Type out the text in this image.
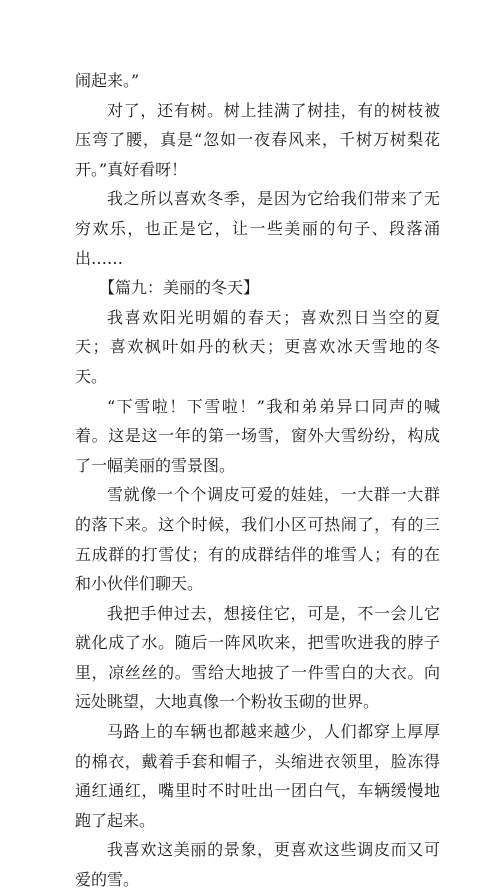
闹起来。”

对了，还有树。树上挂满了树挂，有的树枝被压弯了腰，真是“忽如一夜春风来，千树万树梨花开。”真好看呀！

我之所以喜欢冬季，是因为它给我们带来了无穷欢乐，也正是它，让一些美丽的句子、段落涌出……

【篇九：美丽的冬天】

我喜欢阳光明媚的春天；喜欢烈日当空的夏天；喜欢枫叶如丹的秋天；更喜欢冰天雪地的冬天。

“下雪啦！下雪啦！”我和弟弟异口同声的喊着。这是这一年的第一场雪，窗外大雪纷纷，构成了一幅美丽的雪景图。

雪就像一个个调皮可爱的娃娃，一大群一大群的落下来。这个时候，我们小区可热闹了，有的三五成群的打雪仗；有的成群结伴的堆雪人；有的在和小伙伴们聊天。

我把手伸过去，想接住它，可是，不一会儿它就化成了水。随后一阵风吹来，把雪吹进我的脖子里，凉丝丝的。雪给大地披了一件雪白的大衣。向远处眺望，大地真像一个粉妆玉砌的世界。

马路上的车辆也都越来越少，人们都穿上厚厚的棉衣，戴着手套和帽子，头缩进衣领里，脸冻得通红通红，嘴里时不时吐出一团白气，车辆缓慢地跑了起来。

我喜欢这美丽的景象，更喜欢这些调皮而又可爱的雪。
